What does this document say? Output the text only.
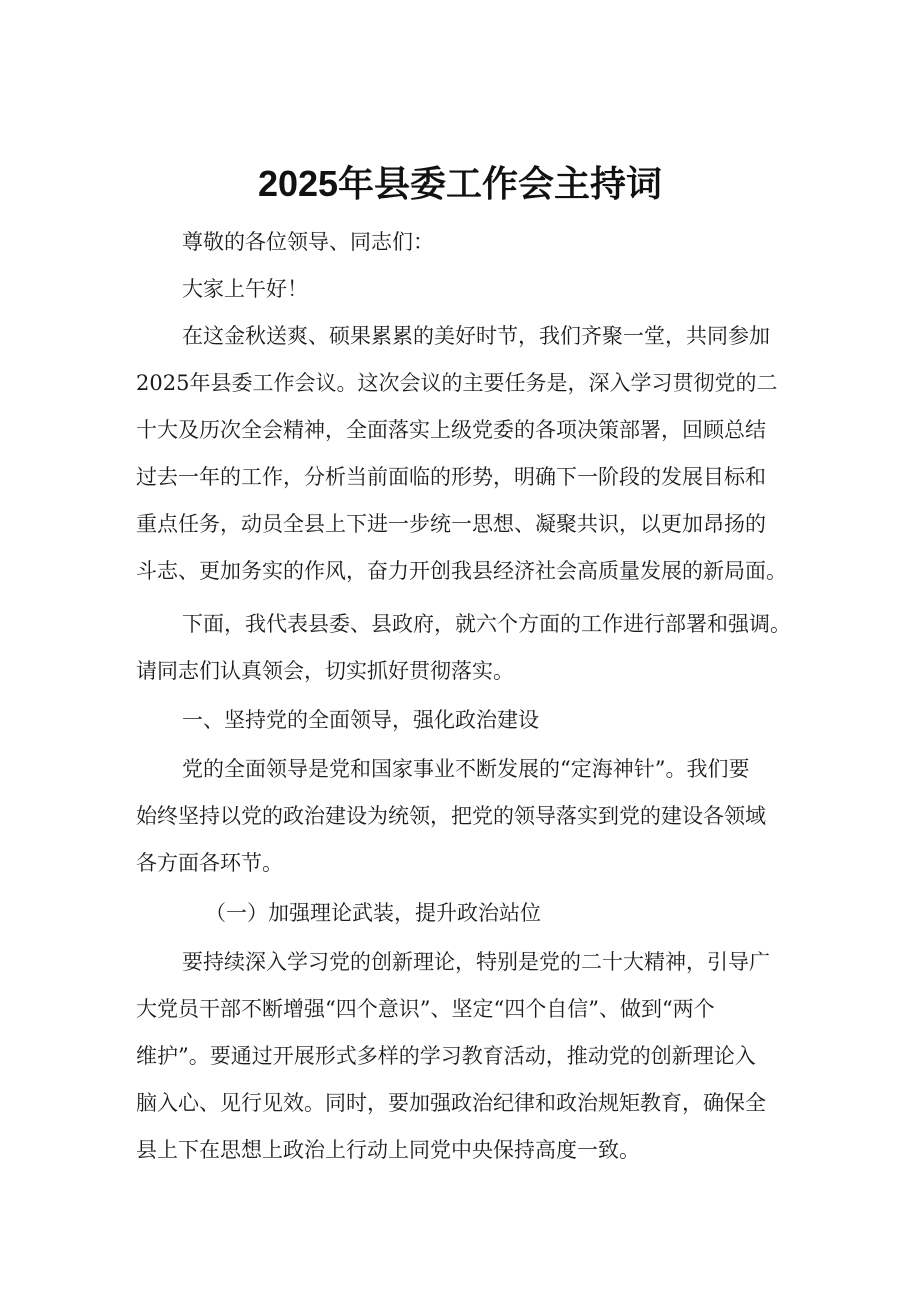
2025年县委工作会主持词
尊敬的各位领导、同志们：
大家上午好！
在这金秋送爽、硕果累累的美好时节，我们齐聚一堂，共同参加
2025年县委工作会议。这次会议的主要任务是，深入学习贯彻党的二
十大及历次全会精神，全面落实上级党委的各项决策部署，回顾总结
过去一年的工作，分析当前面临的形势，明确下一阶段的发展目标和
重点任务，动员全县上下进一步统一思想、凝聚共识，以更加昂扬的
斗志、更加务实的作风，奋力开创我县经济社会高质量发展的新局面。
下面，我代表县委、县政府，就六个方面的工作进行部署和强调。
请同志们认真领会，切实抓好贯彻落实。
一、坚持党的全面领导，强化政治建设
党的全面领导是党和国家事业不断发展的“定海神针”。我们要
始终坚持以党的政治建设为统领，把党的领导落实到党的建设各领域
各方面各环节。
（一）加强理论武装，提升政治站位
要持续深入学习党的创新理论，特别是党的二十大精神，引导广
大党员干部不断增强“四个意识”、坚定“四个自信”、做到“两个
维护”。要通过开展形式多样的学习教育活动，推动党的创新理论入
脑入心、见行见效。同时，要加强政治纪律和政治规矩教育，确保全
县上下在思想上政治上行动上同党中央保持高度一致。
